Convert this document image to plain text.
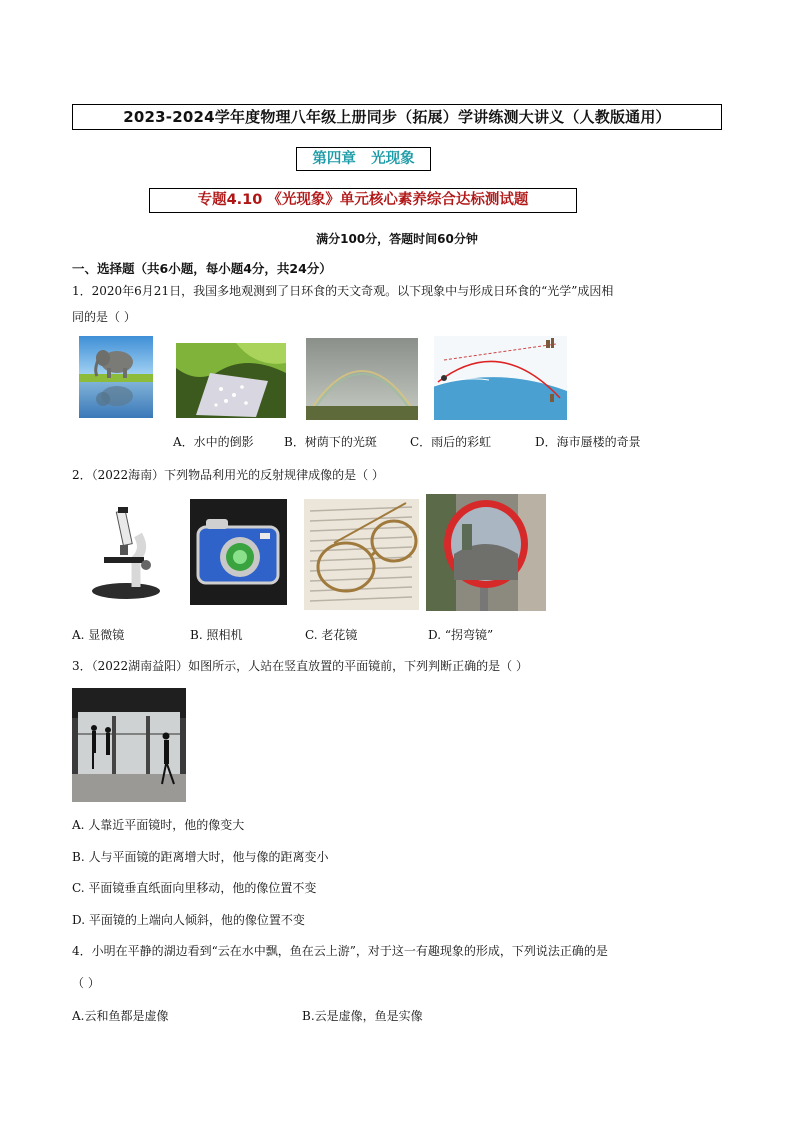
2023-2024学年度物理八年级上册同步（拓展）学讲练测大讲义（人教版通用）
第四章   光现象
专题4.10 《光现象》单元核心素养综合达标测试题
满分100分，答题时间60分钟
一、选择题（共6小题，每小题4分，共24分）
1．2020年6月21日，我国多地观测到了日环食的天文奇观。以下现象中与形成日环食的“光学”成因相
同的是（ ）
A．水中的倒影	B．树荫下的光斑	C．雨后的彩虹	D．海市蜃楼的奇景
2．（2022海南）下列物品利用光的反射规律成像的是（ ）
A. 显微镜	B. 照相机	C. 老花镜	D. “拐弯镜”
3．（2022湖南益阳）如图所示，人站在竖直放置的平面镜前，下列判断正确的是（ ）
A. 人靠近平面镜时，他的像变大
B. 人与平面镜的距离增大时，他与像的距离变小
C. 平面镜垂直纸面向里移动，他的像位置不变
D. 平面镜的上端向人倾斜，他的像位置不变
4．小明在平静的湖边看到“云在水中飘，鱼在云上游”，对于这一有趣现象的形成，下列说法正确的是
（ ）
A.云和鱼都是虚像	B.云是虚像，鱼是实像
